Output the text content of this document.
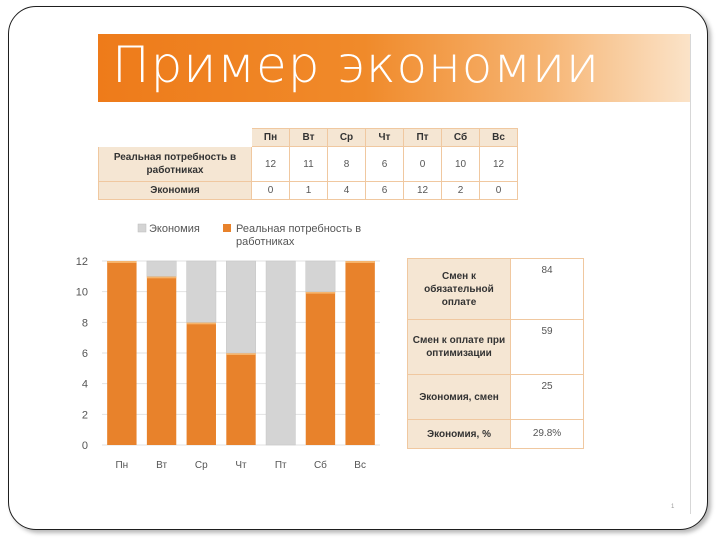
Пример экономии
	Пн	Вт	Ср	Чт	Пт	Сб	Вс
Реальная потребность в работниках	12	11	8	6	0	10	12
Экономия	0	1	4	6	12	2	0
Экономия	Реальная потребность в работниках
0
2
4
6
8
10
12
Пн	Вт	Ср	Чт	Пт	Сб	Вс
Смен к обязательной оплате	84
Смен к оплате при оптимизации	59
Экономия, смен	25
Экономия, %	29.8%
1
